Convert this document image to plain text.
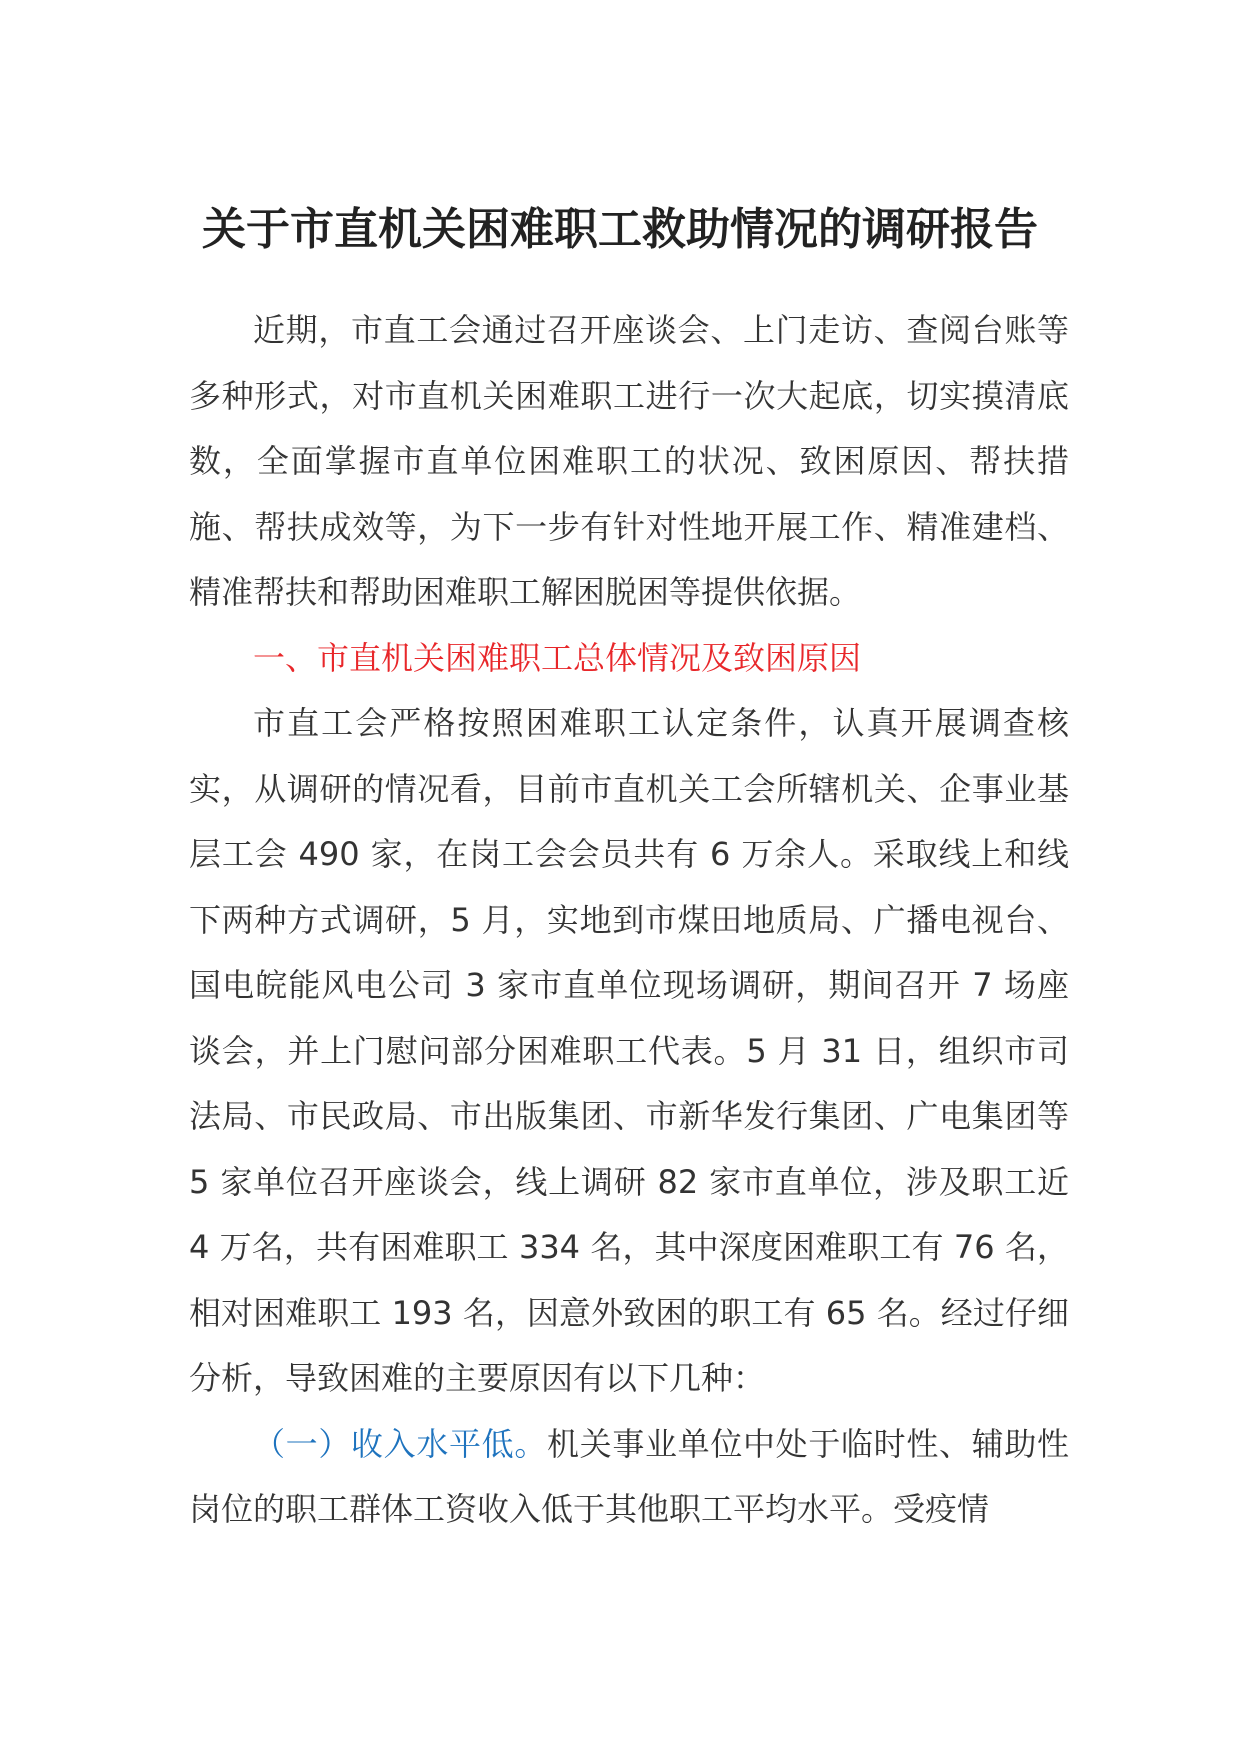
关于市直机关困难职工救助情况的调研报告

近期，市直工会通过召开座谈会、上门走访、查阅台账等多种形式，对市直机关困难职工进行一次大起底，切实摸清底数，全面掌握市直单位困难职工的状况、致困原因、帮扶措施、帮扶成效等，为下一步有针对性地开展工作、精准建档、精准帮扶和帮助困难职工解困脱困等提供依据。

一、市直机关困难职工总体情况及致困原因

市直工会严格按照困难职工认定条件，认真开展调查核实，从调研的情况看，目前市直机关工会所辖机关、企事业基层工会 490 家，在岗工会会员共有 6 万余人。采取线上和线下两种方式调研，5 月，实地到市煤田地质局、广播电视台、国电皖能风电公司 3 家市直单位现场调研，期间召开 7 场座谈会，并上门慰问部分困难职工代表。5 月 31 日，组织市司法局、市民政局、市出版集团、市新华发行集团、广电集团等 5 家单位召开座谈会，线上调研 82 家市直单位，涉及职工近 4 万名，共有困难职工 334 名，其中深度困难职工有 76 名，相对困难职工 193 名，因意外致困的职工有 65 名。经过仔细分析，导致困难的主要原因有以下几种：

（一）收入水平低。机关事业单位中处于临时性、辅助性岗位的职工群体工资收入低于其他职工平均水平。受疫情
